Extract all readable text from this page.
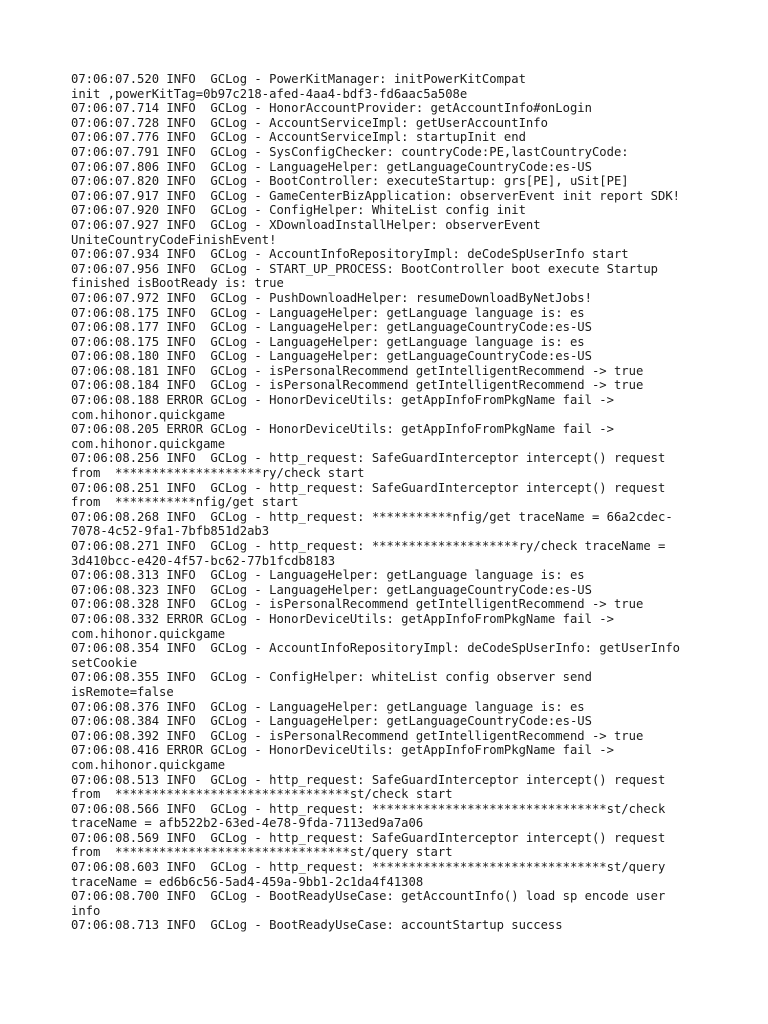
07:06:07.520 INFO  GCLog - PowerKitManager: initPowerKitCompat
init ,powerKitTag=0b97c218-afed-4aa4-bdf3-fd6aac5a508e
07:06:07.714 INFO  GCLog - HonorAccountProvider: getAccountInfo#onLogin
07:06:07.728 INFO  GCLog - AccountServiceImpl: getUserAccountInfo
07:06:07.776 INFO  GCLog - AccountServiceImpl: startupInit end
07:06:07.791 INFO  GCLog - SysConfigChecker: countryCode:PE,lastCountryCode:
07:06:07.806 INFO  GCLog - LanguageHelper: getLanguageCountryCode:es-US
07:06:07.820 INFO  GCLog - BootController: executeStartup: grs[PE], uSit[PE]
07:06:07.917 INFO  GCLog - GameCenterBizApplication: observerEvent init report SDK!
07:06:07.920 INFO  GCLog - ConfigHelper: WhiteList config init
07:06:07.927 INFO  GCLog - XDownloadInstallHelper: observerEvent
UniteCountryCodeFinishEvent!
07:06:07.934 INFO  GCLog - AccountInfoRepositoryImpl: deCodeSpUserInfo start
07:06:07.956 INFO  GCLog - START_UP_PROCESS: BootController boot execute Startup
finished isBootReady is: true
07:06:07.972 INFO  GCLog - PushDownloadHelper: resumeDownloadByNetJobs!
07:06:08.175 INFO  GCLog - LanguageHelper: getLanguage language is: es
07:06:08.177 INFO  GCLog - LanguageHelper: getLanguageCountryCode:es-US
07:06:08.175 INFO  GCLog - LanguageHelper: getLanguage language is: es
07:06:08.180 INFO  GCLog - LanguageHelper: getLanguageCountryCode:es-US
07:06:08.181 INFO  GCLog - isPersonalRecommend getIntelligentRecommend -> true
07:06:08.184 INFO  GCLog - isPersonalRecommend getIntelligentRecommend -> true
07:06:08.188 ERROR GCLog - HonorDeviceUtils: getAppInfoFromPkgName fail ->
com.hihonor.quickgame
07:06:08.205 ERROR GCLog - HonorDeviceUtils: getAppInfoFromPkgName fail ->
com.hihonor.quickgame
07:06:08.256 INFO  GCLog - http_request: SafeGuardInterceptor intercept() request
from  ********************ry/check start
07:06:08.251 INFO  GCLog - http_request: SafeGuardInterceptor intercept() request
from  ***********nfig/get start
07:06:08.268 INFO  GCLog - http_request: ***********nfig/get traceName = 66a2cdec-
7078-4c52-9fa1-7bfb851d2ab3
07:06:08.271 INFO  GCLog - http_request: ********************ry/check traceName =
3d410bcc-e420-4f57-bc62-77b1fcdb8183
07:06:08.313 INFO  GCLog - LanguageHelper: getLanguage language is: es
07:06:08.323 INFO  GCLog - LanguageHelper: getLanguageCountryCode:es-US
07:06:08.328 INFO  GCLog - isPersonalRecommend getIntelligentRecommend -> true
07:06:08.332 ERROR GCLog - HonorDeviceUtils: getAppInfoFromPkgName fail ->
com.hihonor.quickgame
07:06:08.354 INFO  GCLog - AccountInfoRepositoryImpl: deCodeSpUserInfo: getUserInfo
setCookie
07:06:08.355 INFO  GCLog - ConfigHelper: whiteList config observer send
isRemote=false
07:06:08.376 INFO  GCLog - LanguageHelper: getLanguage language is: es
07:06:08.384 INFO  GCLog - LanguageHelper: getLanguageCountryCode:es-US
07:06:08.392 INFO  GCLog - isPersonalRecommend getIntelligentRecommend -> true
07:06:08.416 ERROR GCLog - HonorDeviceUtils: getAppInfoFromPkgName fail ->
com.hihonor.quickgame
07:06:08.513 INFO  GCLog - http_request: SafeGuardInterceptor intercept() request
from  ********************************st/check start
07:06:08.566 INFO  GCLog - http_request: ********************************st/check
traceName = afb522b2-63ed-4e78-9fda-7113ed9a7a06
07:06:08.569 INFO  GCLog - http_request: SafeGuardInterceptor intercept() request
from  ********************************st/query start
07:06:08.603 INFO  GCLog - http_request: ********************************st/query
traceName = ed6b6c56-5ad4-459a-9bb1-2c1da4f41308
07:06:08.700 INFO  GCLog - BootReadyUseCase: getAccountInfo() load sp encode user
info
07:06:08.713 INFO  GCLog - BootReadyUseCase: accountStartup success
